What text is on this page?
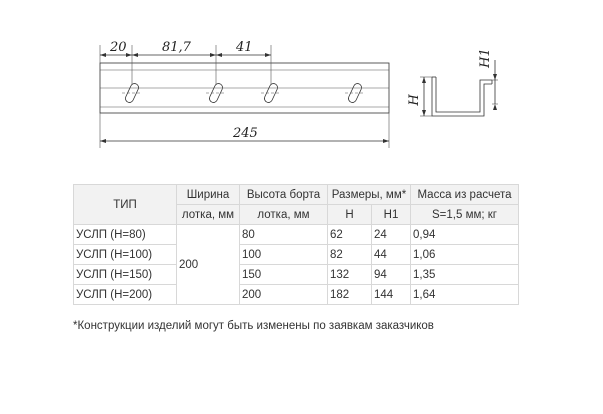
20	81,7	41
245
H
H1
ТИП	Ширина	Высота борта	Размеры, мм*		Масса из расчета
	лотка, мм	лотка, мм	Н	Н1	S=1,5 мм; кг
УСЛП (Н=80)	200	80	62	24	0,94
УСЛП (Н=100)		100	82	44	1,06
УСЛП (Н=150)		150	132	94	1,35
УСЛП (Н=200)		200	182	144	1,64
*Конструкции изделий могут быть изменены по заявкам заказчиков
